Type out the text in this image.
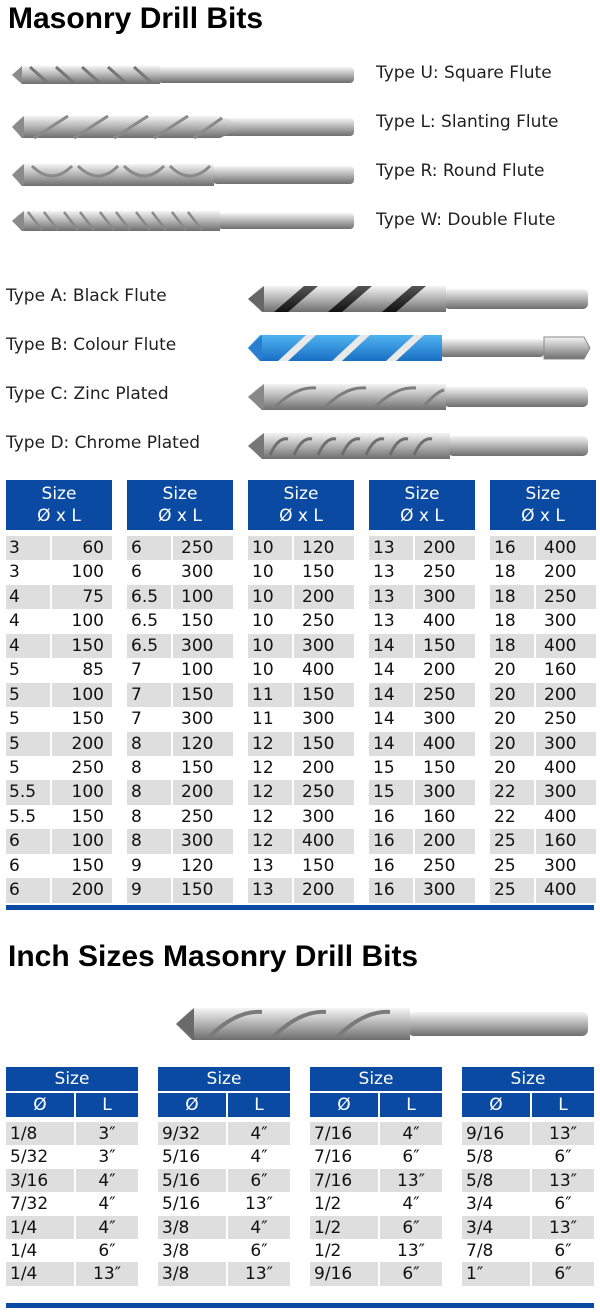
Masonry Drill Bits
Type U: Square Flute
Type L: Slanting Flute
Type R: Round Flute
Type W: Double Flute
Type A: Black Flute
Type B: Colour Flute
Type C: Zinc Plated
Type D: Chrome Plated
Size
Ø x L
3	60
3	100
4	75
4	100
4	150
5	85
5	100
5	150
5	200
5	250
5.5	100
5.5	150
6	100
6	150
6	200
Size
Ø x L
6	250
6	300
6.5	100
6.5	150
6.5	300
7	100
7	150
7	300
8	120
8	150
8	200
8	250
8	300
9	120
9	150
Size
Ø x L
10	120
10	150
10	200
10	250
10	300
10	400
11	150
11	300
12	150
12	200
12	250
12	300
12	400
13	150
13	200
Size
Ø x L
13	200
13	250
13	300
13	400
14	150
14	200
14	250
14	300
14	400
15	150
15	300
16	160
16	200
16	250
16	300
Size
Ø x L
16	400
18	200
18	250
18	300
18	400
20	160
20	200
20	250
20	300
20	400
22	300
22	400
25	160
25	300
25	400
Inch Sizes Masonry Drill Bits
Size
Ø	L
1/8	3″
5/32	3″
3/16	4″
7/32	4″
1/4	4″
1/4	6″
1/4	13″
Size
Ø	L
9/32	4″
5/16	4″
5/16	6″
5/16	13″
3/8	4″
3/8	6″
3/8	13″
Size
Ø	L
7/16	4″
7/16	6″
7/16	13″
1/2	4″
1/2	6″
1/2	13″
9/16	6″
Size
Ø	L
9/16	13″
5/8	6″
5/8	13″
3/4	6″
3/4	13″
7/8	6″
1″	6″
